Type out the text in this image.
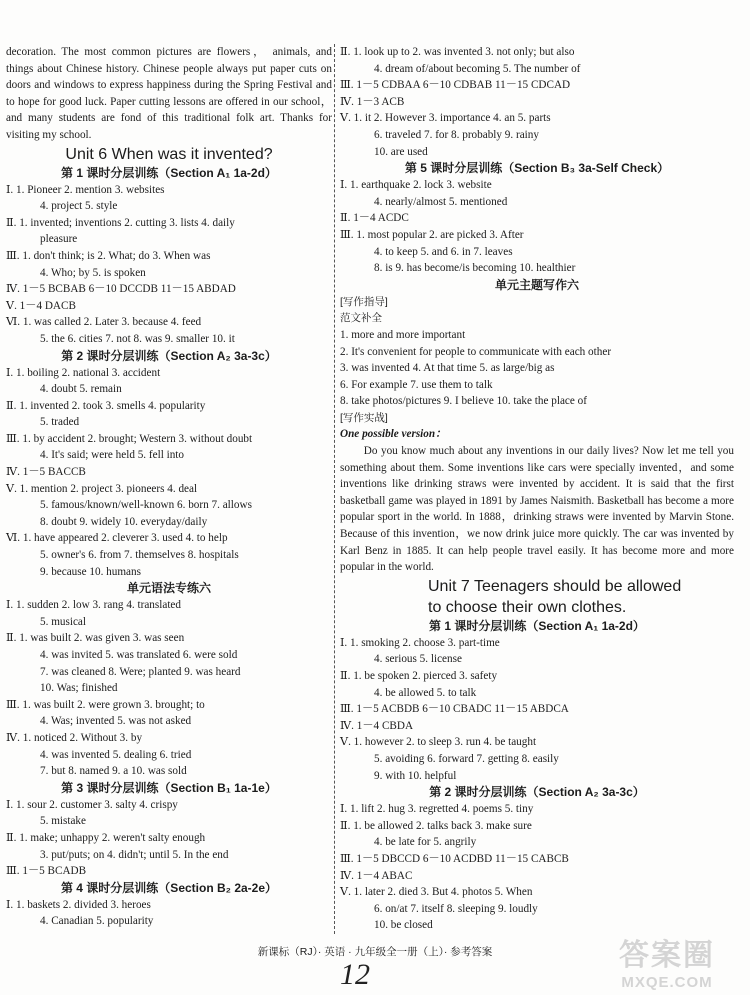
decoration. The most common pictures are flowers， animals, and things about Chinese history. Chinese people always put paper cuts on doors and windows to express happiness during the Spring Festival and to hope for good luck. Paper cutting lessons are offered in our school，and many students are fond of this traditional folk art. Thanks for visiting my school.
Unit 6 When was it invented?
第 1 课时分层训练（Section A₁ 1a-2d）
Ⅰ. 1. Pioneer 2. mention 3. websites
4. project 5. style
Ⅱ. 1. invented; inventions 2. cutting 3. lists 4. daily
pleasure
Ⅲ. 1. don't think; is 2. What; do 3. When was
4. Who; by 5. is spoken
Ⅳ. 1－5 BCBAB 6－10 DCCDB 11－15 ABDAD
Ⅴ. 1－4 DACB
Ⅵ. 1. was called 2. Later 3. because 4. feed
5. the 6. cities 7. not 8. was 9. smaller 10. it
第 2 课时分层训练（Section A₂ 3a-3c）
Ⅰ. 1. boiling 2. national 3. accident
4. doubt 5. remain
Ⅱ. 1. invented 2. took 3. smells 4. popularity
5. traded
Ⅲ. 1. by accident 2. brought; Western 3. without doubt
4. It's said; were held 5. fell into
Ⅳ. 1－5 BACCB
Ⅴ. 1. mention 2. project 3. pioneers 4. deal
5. famous/known/well-known 6. born 7. allows
8. doubt 9. widely 10. everyday/daily
Ⅵ. 1. have appeared 2. cleverer 3. used 4. to help
5. owner's 6. from 7. themselves 8. hospitals
9. because 10. humans
单元语法专练六
Ⅰ. 1. sudden 2. low 3. rang 4. translated
5. musical
Ⅱ. 1. was built 2. was given 3. was seen
4. was invited 5. was translated 6. were sold
7. was cleaned 8. Were; planted 9. was heard
10. Was; finished
Ⅲ. 1. was built 2. were grown 3. brought; to
4. Was; invented 5. was not asked
Ⅳ. 1. noticed 2. Without 3. by
4. was invented 5. dealing 6. tried
7. but 8. named 9. a 10. was sold
第 3 课时分层训练（Section B₁ 1a-1e）
Ⅰ. 1. sour 2. customer 3. salty 4. crispy
5. mistake
Ⅱ. 1. make; unhappy 2. weren't salty enough
3. put/puts; on 4. didn't; until 5. In the end
Ⅲ. 1－5 BCADB
第 4 课时分层训练（Section B₂ 2a-2e）
Ⅰ. 1. baskets 2. divided 3. heroes
4. Canadian 5. popularity
Ⅱ. 1. look up to 2. was invented 3. not only; but also
4. dream of/about becoming 5. The number of
Ⅲ. 1－5 CDBAA 6－10 CDBAB 11－15 CDCAD
Ⅳ. 1－3 ACB
Ⅴ. 1. it 2. However 3. importance 4. an 5. parts
6. traveled 7. for 8. probably 9. rainy
10. are used
第 5 课时分层训练（Section B₃ 3a-Self Check）
Ⅰ. 1. earthquake 2. lock 3. website
4. nearly/almost 5. mentioned
Ⅱ. 1－4 ACDC
Ⅲ. 1. most popular 2. are picked 3. After
4. to keep 5. and 6. in 7. leaves
8. is 9. has become/is becoming 10. healthier
单元主题写作六
[写作指导]
范文补全
1. more and more important
2. It's convenient for people to communicate with each other
3. was invented 4. At that time 5. as large/big as
6. For example 7. use them to talk
8. take photos/pictures 9. I believe 10. take the place of
[写作实战]
One possible version：
　　Do you know much about any inventions in our daily lives? Now let me tell you something about them. Some inventions like cars were specially invented，and some inventions like drinking straws were invented by accident. It is said that the first basketball game was played in 1891 by James Naismith. Basketball has become a more popular sport in the world. In 1888，drinking straws were invented by Marvin Stone. Because of this invention，we now drink juice more quickly. The car was invented by Karl Benz in 1885. It can help people travel easily. It has become more and more popular in the world.
Unit 7 Teenagers should be allowed
to choose their own clothes.
第 1 课时分层训练（Section A₁ 1a-2d）
Ⅰ. 1. smoking 2. choose 3. part-time
4. serious 5. license
Ⅱ. 1. be spoken 2. pierced 3. safety
4. be allowed 5. to talk
Ⅲ. 1－5 ACBDB 6－10 CBADC 11－15 ABDCA
Ⅳ. 1－4 CBDA
Ⅴ. 1. however 2. to sleep 3. run 4. be taught
5. avoiding 6. forward 7. getting 8. easily
9. with 10. helpful
第 2 课时分层训练（Section A₂ 3a-3c）
Ⅰ. 1. lift 2. hug 3. regretted 4. poems 5. tiny
Ⅱ. 1. be allowed 2. talks back 3. make sure
4. be late for 5. angrily
Ⅲ. 1－5 DBCCD 6－10 ACDBD 11－15 CABCB
Ⅳ. 1－4 ABAC
Ⅴ. 1. later 2. died 3. But 4. photos 5. When
6. on/at 7. itself 8. sleeping 9. loudly
10. be closed
新课标（RJ）· 英语 · 九年级全一册（上）· 参考答案
12
答案圈
MXQE.COM
